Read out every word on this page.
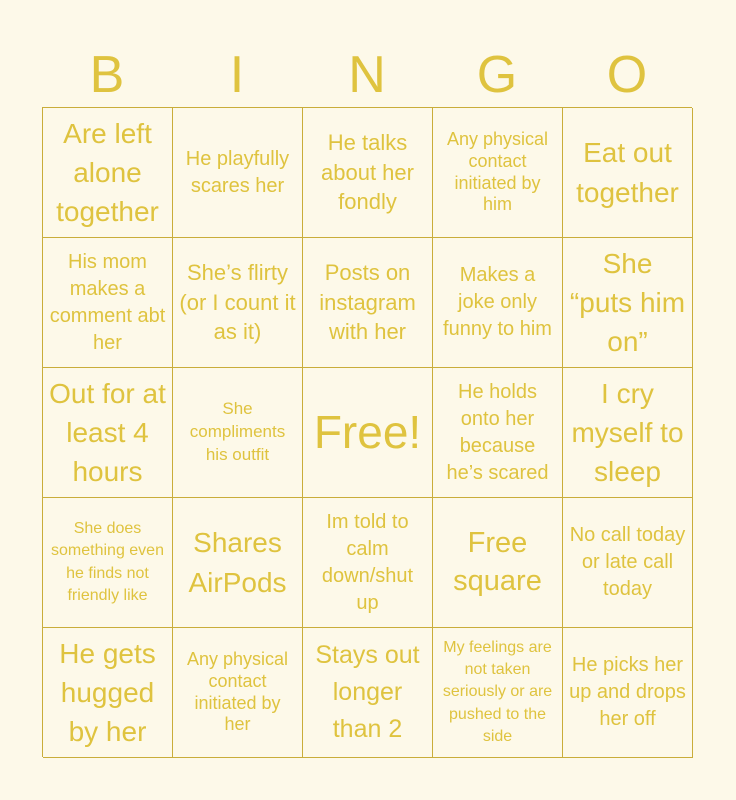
B	I	N	G	O
Are left alone together
He playfully scares her
He talks about her fondly
Any physical contact initiated by him
Eat out together
His mom makes a comment abt her
She’s flirty (or I count it as it)
Posts on instagram with her
Makes a joke only funny to him
She “puts him on”
Out for at least 4 hours
She compliments his outfit Free!
He holds onto her because he’s scared
I cry myself to sleep
She does something even he finds not friendly like
Shares AirPods
Im told to calm down/shut up
Free square
No call today or late call today
He gets hugged by her
Any physical contact initiated by her
Stays out longer than 2
My feelings are not taken seriously or are pushed to the side
He picks her up and drops her off
